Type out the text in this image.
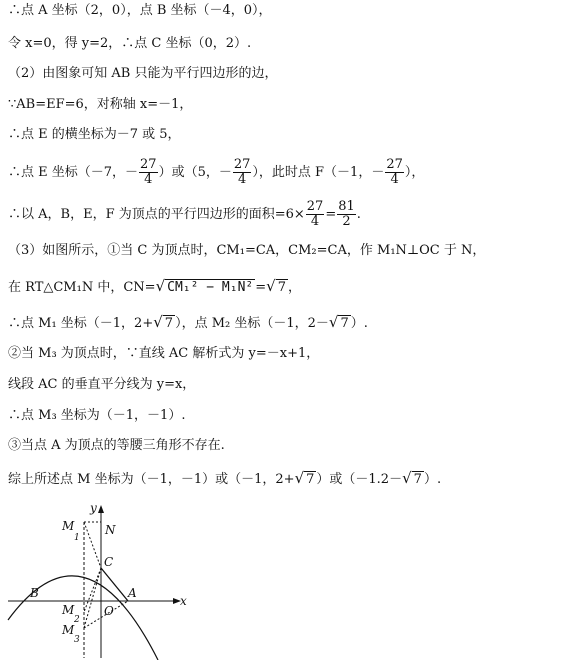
∴点 A 坐标（2，0），点 B 坐标（－4，0），
令 x=0，得 y=2，∴点 C 坐标（0，2）.
（2）由图象可知 AB 只能为平行四边形的边，
∵AB=EF=6，对称轴 x=－1，
∴点 E 的横坐标为－7 或 5，
∴点 E 坐标（－7，－ $\frac{27}{4}$ ）或（5，－ $\frac{27}{4}$ ），此时点 F（－1，－ $\frac{27}{4}$ ），
∴以 A，B，E，F 为顶点的平行四边形的面积$=6\times \frac{27}{4} = \frac{81}{2}$ .
（3）如图所示，①当 C 为顶点时，CM₁=CA，CM₂=CA，作 M₁N⊥OC 于 N，
在 RT△CM₁N 中，CN=√ CM₁² − M₁N² =√ 7 ，
∴点 M₁ 坐标（－1，2+√ 7 ），点 M₂ 坐标（－1，2－√ 7 ）.
②当 M₃ 为顶点时，∵直线 AC 解析式为 y=－x+1，
线段 AC 的垂直平分线为 y=x，
∴点 M₃ 坐标为（－1，－1）.
③当点 A 为顶点的等腰三角形不存在.
综上所述点 M 坐标为（－1，－1）或（－1，2+√ 7 ）或（－1.2－√ 7 ）.
y
x
M
1
N
C
B	A
O
M
2
M
3
